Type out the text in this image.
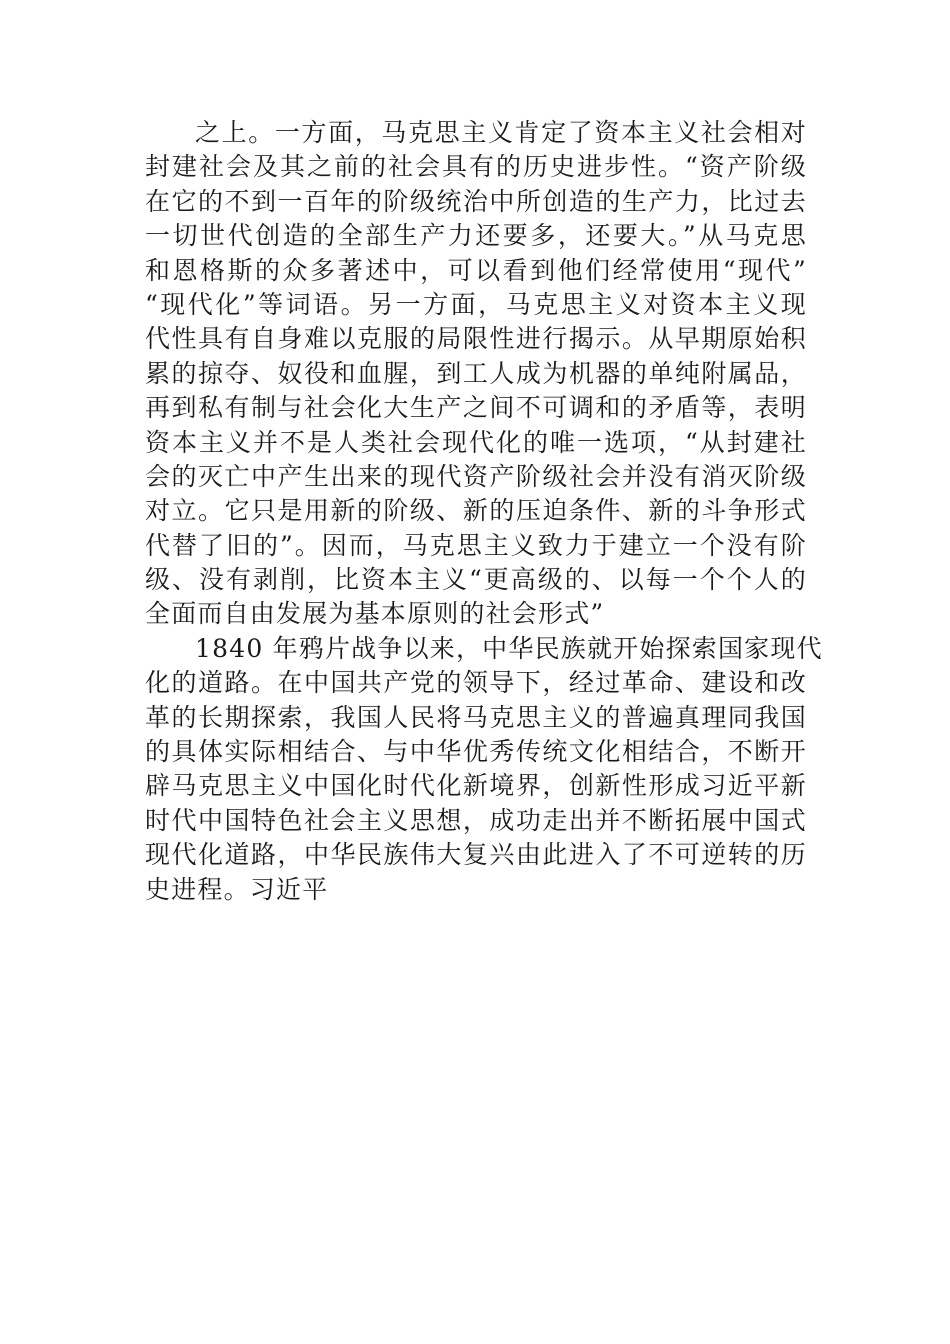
之上。一方面，马克思主义肯定了资本主义社会相对
封建社会及其之前的社会具有的历史进步性。“资产阶级
在它的不到一百年的阶级统治中所创造的生产力，比过去
一切世代创造的全部生产力还要多，还要大。”从马克思
和恩格斯的众多著述中，可以看到他们经常使用“现代”
“现代化”等词语。另一方面，马克思主义对资本主义现
代性具有自身难以克服的局限性进行揭示。从早期原始积
累的掠夺、奴役和血腥，到工人成为机器的单纯附属品，
再到私有制与社会化大生产之间不可调和的矛盾等，表明
资本主义并不是人类社会现代化的唯一选项，“从封建社
会的灭亡中产生出来的现代资产阶级社会并没有消灭阶级
对立。它只是用新的阶级、新的压迫条件、新的斗争形式
代替了旧的”。因而，马克思主义致力于建立一个没有阶
级、没有剥削，比资本主义“更高级的、以每一个个人的
全面而自由发展为基本原则的社会形式”
1840 年鸦片战争以来，中华民族就开始探索国家现代
化的道路。在中国共产党的领导下，经过革命、建设和改
革的长期探索，我国人民将马克思主义的普遍真理同我国
的具体实际相结合、与中华优秀传统文化相结合，不断开
辟马克思主义中国化时代化新境界，创新性形成习近平新
时代中国特色社会主义思想，成功走出并不断拓展中国式
现代化道路，中华民族伟大复兴由此进入了不可逆转的历
史进程。习近平
